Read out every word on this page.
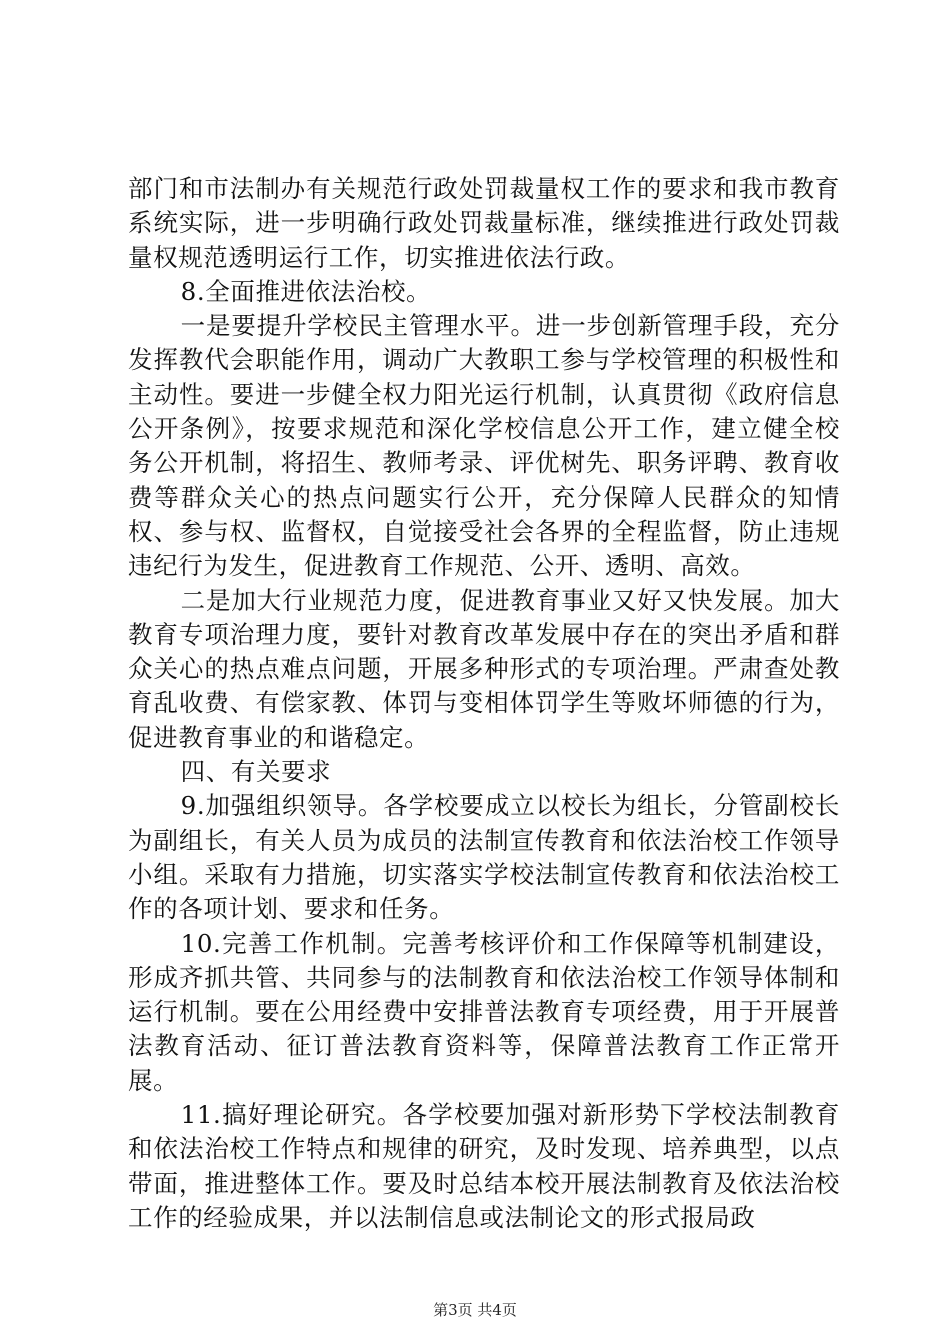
部门和市法制办有关规范行政处罚裁量权工作的要求和我市教育系统实际，进一步明确行政处罚裁量标准，继续推进行政处罚裁量权规范透明运行工作，切实推进依法行政。

8.全面推进依法治校。

一是要提升学校民主管理水平。进一步创新管理手段，充分发挥教代会职能作用，调动广大教职工参与学校管理的积极性和主动性。要进一步健全权力阳光运行机制，认真贯彻《政府信息公开条例》，按要求规范和深化学校信息公开工作，建立健全校务公开机制，将招生、教师考录、评优树先、职务评聘、教育收费等群众关心的热点问题实行公开，充分保障人民群众的知情权、参与权、监督权，自觉接受社会各界的全程监督，防止违规违纪行为发生，促进教育工作规范、公开、透明、高效。

二是加大行业规范力度，促进教育事业又好又快发展。加大教育专项治理力度，要针对教育改革发展中存在的突出矛盾和群众关心的热点难点问题，开展多种形式的专项治理。严肃查处教育乱收费、有偿家教、体罚与变相体罚学生等败坏师德的行为，促进教育事业的和谐稳定。

四、有关要求

9.加强组织领导。各学校要成立以校长为组长，分管副校长为副组长，有关人员为成员的法制宣传教育和依法治校工作领导小组。采取有力措施，切实落实学校法制宣传教育和依法治校工作的各项计划、要求和任务。

10.完善工作机制。完善考核评价和工作保障等机制建设，形成齐抓共管、共同参与的法制教育和依法治校工作领导体制和运行机制。要在公用经费中安排普法教育专项经费，用于开展普法教育活动、征订普法教育资料等，保障普法教育工作正常开展。

11.搞好理论研究。各学校要加强对新形势下学校法制教育和依法治校工作特点和规律的研究，及时发现、培养典型，以点带面，推进整体工作。要及时总结本校开展法制教育及依法治校工作的经验成果，并以法制信息或法制论文的形式报局政

第3页 共4页
